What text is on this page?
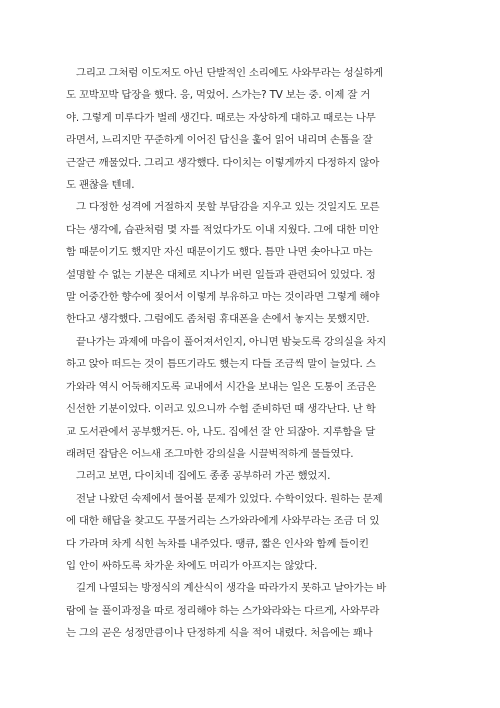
그리고 그처럼 이도저도 아닌 단발적인 소리에도 사와무라는 성실하게
도 꼬박꼬박 답장을 했다. 응, 먹었어. 스가는? TV 보는 중. 이제 잘 거
야. 그렇게 미루다가 벌레 생긴다. 때로는 자상하게 대하고 때로는 나무
라면서, 느리지만 꾸준하게 이어진 답신을 훑어 읽어 내리며 손톱을 잘
근잘근 깨물었다. 그리고 생각했다. 다이치는 이렇게까지 다정하지 않아
도 괜찮을 텐데.
그 다정한 성격에 거절하지 못할 부담감을 지우고 있는 것일지도 모른
다는 생각에, 습관처럼 몇 자를 적었다가도 이내 지웠다. 그에 대한 미안
함 때문이기도 했지만 자신 때문이기도 했다. 틈만 나면 솟아나고 마는
설명할 수 없는 기분은 대체로 지나가 버린 일들과 관련되어 있었다. 정
말 어중간한 향수에 젖어서 이렇게 부유하고 마는 것이라면 그렇게 해야
한다고 생각했다. 그럼에도 좀처럼 휴대폰을 손에서 놓지는 못했지만.
끝나가는 과제에 마음이 풀어져서인지, 아니면 밤늦도록 강의실을 차지
하고 앉아 떠드는 것이 틈뜨기라도 했는지 다들 조금씩 말이 늘었다. 스
가와라 역시 어둑해지도록 교내에서 시간을 보내는 일은 도통이 조금은
신선한 기분이었다. 이러고 있으니까 수험 준비하던 때 생각난다. 난 학
교 도서관에서 공부했거든. 아, 나도. 집에선 잘 안 되잖아. 지루함을 달
래려던 잡담은 어느새 조그마한 강의실을 시끌벅적하게 물들였다.
그러고 보면, 다이치네 집에도 종종 공부하러 가곤 했었지.
전날 나왔던 숙제에서 물어볼 문제가 있었다. 수학이었다. 원하는 문제
에 대한 해답을 찾고도 꾸물거리는 스가와라에게 사와무라는 조금 더 있
다 가라며 차게 식힌 녹차를 내주었다. 땡큐, 짧은 인사와 함께 들이킨
입 안이 싸하도록 차가운 차에도 머리가 아프지는 않았다.
길게 나열되는 방정식의 계산식이 생각을 따라가지 못하고 날아가는 바
람에 늘 풀이과정을 따로 정리해야 하는 스가와라와는 다르게, 사와무라
는 그의 곧은 성정만큼이나 단정하게 식을 적어 내렸다. 처음에는 꽤나
